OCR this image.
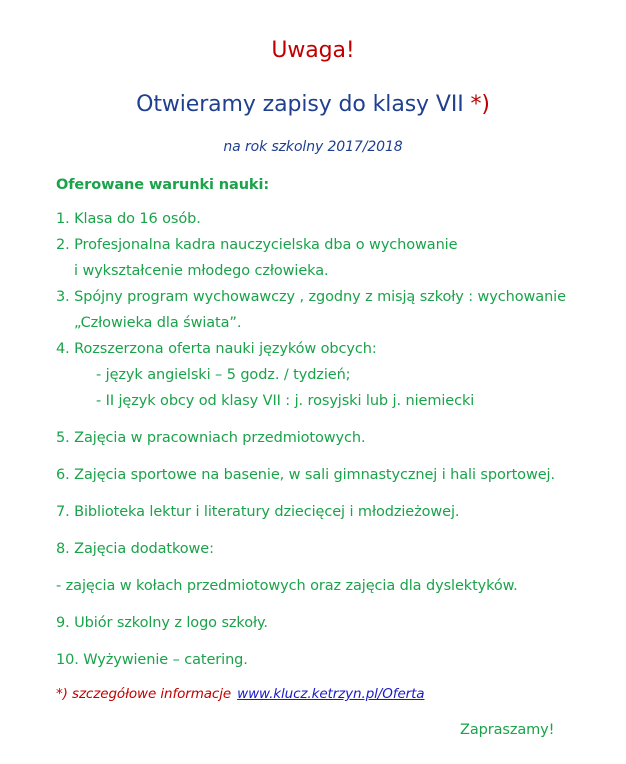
Uwaga!
Otwieramy zapisy do klasy VII *)
na rok szkolny 2017/2018
Oferowane warunki nauki:
1. Klasa do 16 osób.
2. Profesjonalna kadra nauczycielska dba o wychowanie
i wykształcenie młodego człowieka.
3. Spójny program wychowawczy , zgodny z misją szkoły : wychowanie
„Człowieka dla świata”.
4. Rozszerzona oferta nauki języków obcych:
- język angielski – 5 godz. / tydzień;
- II język obcy od klasy VII : j. rosyjski lub j. niemiecki
5. Zajęcia w pracowniach przedmiotowych.
6. Zajęcia sportowe na basenie, w sali gimnastycznej i hali sportowej.
7. Biblioteka lektur i literatury dziecięcej i młodzieżowej.
8. Zajęcia dodatkowe:
- zajęcia w kołach przedmiotowych oraz zajęcia dla dyslektyków.
9. Ubiór szkolny z logo szkoły.
10. Wyżywienie – catering.
*) szczegółowe informacje www.klucz.ketrzyn.pl/Oferta
Zapraszamy!
